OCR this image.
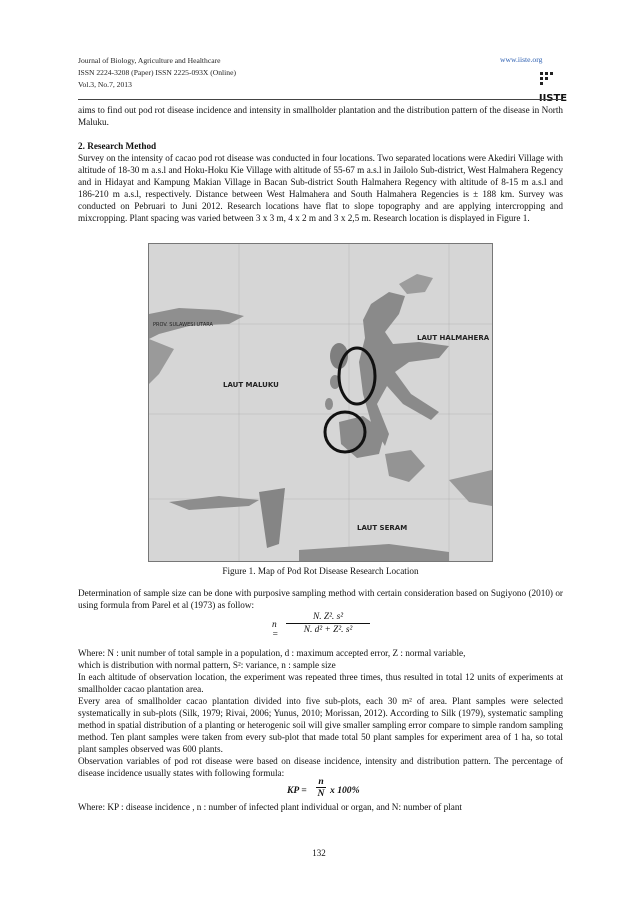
Journal of Biology, Agriculture and Healthcare
ISSN 2224-3208 (Paper) ISSN 2225-093X (Online)
Vol.3, No.7, 2013
www.iiste.org
IISTE

aims to find out pod rot disease incidence and intensity in smallholder plantation and the distribution pattern of the disease in North Maluku.

2. Research Method

Survey on the intensity of cacao pod rot disease was conducted in four locations. Two separated locations were Akediri Village with altitude of 18-30 m a.s.l and Hoku-Hoku Kie Village with altitude of 55-67 m a.s.l in Jailolo Sub-district, West Halmahera Regency and in Hidayat and Kampung Makian Village in Bacan Sub-district South Halmahera Regency with altitude of 8-15 m a.s.l and 186-210 m a.s.l, respectively. Distance between West Halmahera and South Halmahera Regencies is ± 188 km. Survey was conducted on Pebruari to Juni 2012. Research locations have flat to slope topography and are applying intercropping and mixcropping. Plant spacing was varied between 3 x 3 m, 4 x 2 m and 3 x 2,5 m. Research location is displayed in Figure 1.

LAUT HALMAHERA
LAUT MALUKU
LAUT SERAM
PROV. SULAWESI UTARA
Figure 1. Map of Pod Rot Disease Research Location

Determination of sample size can be done with purposive sampling method with certain consideration based on Sugiyono (2010) or using formula from Parel et al (1973) as follow:

$n = \frac{\text{N. Z². s²}}{\text{N. d² + Z². s²}}$

Where: N : unit number of total sample in a population, d : maximum accepted error, Z : normal variable,

which is distribution with normal pattern, S²: variance, n : sample size

In each altitude of observation location, the experiment was repeated three times, thus resulted in total 12 units of experiments at smallholder cacao plantation area.

Every area of smallholder cacao plantation divided into five sub-plots, each 30 m² of area. Plant samples were selected systematically in sub-plots (Silk, 1979; Rivai, 2006; Yunus, 2010; Morissan, 2012). According to Silk (1979), systematic sampling method in spatial distribution of a planting or heterogenic soil will give smaller sampling error compare to simple random sampling method. Ten plant samples were taken from every sub-plot that made total 50 plant samples for experiment area of 1 ha, so total plant samples observed was 600 plants.

Observation variables of pod rot disease were based on disease incidence, intensity and distribution pattern. The percentage of disease incidence usually states with following formula:

KP = $\frac{n}{N}$ x 100%

Where: KP : disease incidence , n : number of infected plant individual or organ, and N: number of plant

132
